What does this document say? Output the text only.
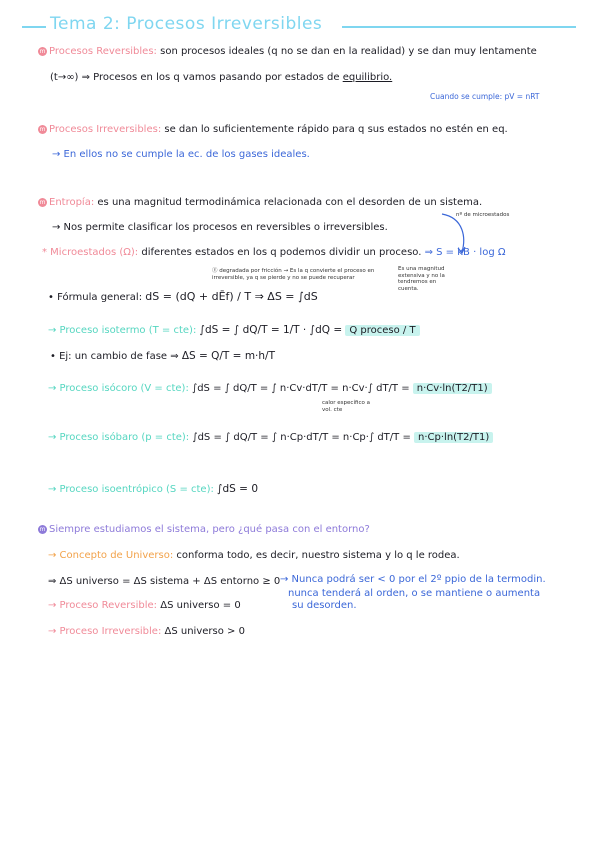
Tema 2: Procesos Irreversibles
m Procesos Reversibles: son procesos ideales (q no se dan en la realidad) y se dan muy lentamente
(t→∞) ⇒ Procesos en los q vamos pasando por estados de equilibrio.
Cuando se cumple: pV = nRT
m Procesos Irreversibles: se dan lo suficientemente rápido para q sus estados no estén en eq.
→ En ellos no se cumple la ec. de los gases ideales.
m Entropía: es una magnitud termodinámica relacionada con el desorden de un sistema.
nº de microestados
→ Nos permite clasificar los procesos en reversibles o irreversibles.
* Microestados (Ω): diferentes estados en los q podemos dividir un proceso. ⇒ S = kB · log Ω
Ⓔ degradada por fricción → Es la q convierte el proceso en irreversible, ya q se pierde y no se puede recuperar
Es una magnitud extensiva y no la tendremos en cuenta.
• Fórmula general: dS = (dQ + dĒf) / T ⇒ ΔS = ∫dS
→ Proceso isotermo (T = cte): ∫dS = ∫ dQ/T = 1/T · ∫dQ = Q proceso / T
• Ej: un cambio de fase ⇒ ΔS = Q/T = m·h/T
→ Proceso isócoro (V = cte): ∫dS = ∫ dQ/T = ∫ n·Cv·dT/T = n·Cv·∫ dT/T = n·Cv·ln(T2/T1)
calor específico a vol. cte
→ Proceso isóbaro (p = cte): ∫dS = ∫ dQ/T = ∫ n·Cp·dT/T = n·Cp·∫ dT/T = n·Cp·ln(T2/T1)
→ Proceso isoentrópico (S = cte): ∫dS = 0
m Siempre estudiamos el sistema, pero ¿qué pasa con el entorno?
→ Concepto de Universo: conforma todo, es decir, nuestro sistema y lo q le rodea.
⇒ ΔS universo = ΔS sistema + ΔS entorno ≥ 0 → Nunca podrá ser < 0 por el 2º ppio de la termodin.
nunca tenderá al orden, o se mantiene o aumenta
su desorden.
→ Proceso Reversible: ΔS universo = 0
→ Proceso Irreversible: ΔS universo > 0
